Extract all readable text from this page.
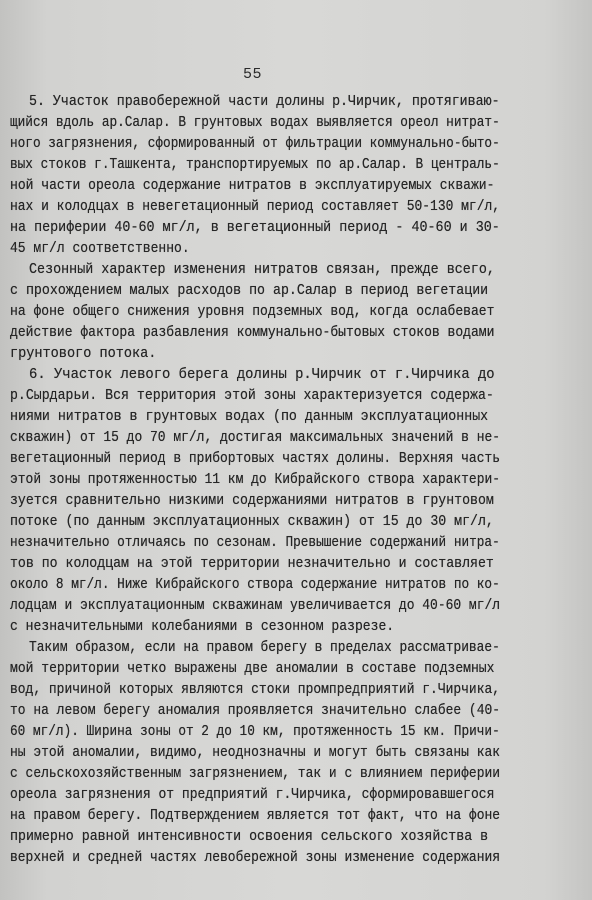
55
5. Участок правобережной части долины р.Чирчик, протягиваю-
щийся вдоль ар.Салар. В грунтовых водах выявляется ореол нитрат-
ного загрязнения, сформированный от фильтрации коммунально-быто-
вых стоков г.Ташкента, транспортируемых по ар.Салар. В централь-
ной части ореола содержание нитратов в эксплуатируемых скважи-
нах и колодцах в невегетационный период составляет 50-130 мг/л,
на периферии 40-60 мг/л, в вегетационный период - 40-60 и 30-
45 мг/л соответственно.
Сезонный характер изменения нитратов связан, прежде всего,
с прохождением малых расходов по ар.Салар в период вегетации
на фоне общего снижения уровня подземных вод, когда ослабевает
действие фактора разбавления коммунально-бытовых стоков водами
грунтового потока.
6. Участок левого берега долины р.Чирчик от г.Чирчика до
р.Сырдарьи. Вся территория этой зоны характеризуется содержа-
ниями нитратов в грунтовых водах (по данным эксплуатационных
скважин) от 15 до 70 мг/л, достигая максимальных значений в не-
вегетационный период в прибортовых частях долины. Верхняя часть
этой зоны протяженностью 11 км до Кибрайского створа характери-
зуется сравнительно низкими содержаниями нитратов в грунтовом
потоке (по данным эксплуатационных скважин) от 15 до 30 мг/л,
незначительно отличаясь по сезонам. Превышение содержаний нитра-
тов по колодцам на этой территории незначительно и составляет
около 8 мг/л. Ниже Кибрайского створа содержание нитратов по ко-
лодцам и эксплуатационным скважинам увеличивается до 40-60 мг/л
с незначительными колебаниями в сезонном разрезе.
Таким образом, если на правом берегу в пределах рассматривае-
мой территории четко выражены две аномалии в составе подземных
вод, причиной которых являются стоки промпредприятий г.Чирчика,
то на левом берегу аномалия проявляется значительно слабее (40-
60 мг/л). Ширина зоны от 2 до 10 км, протяженность 15 км. Причи-
ны этой аномалии, видимо, неоднозначны и могут быть связаны как
с сельскохозяйственным загрязнением, так и с влиянием периферии
ореола загрязнения от предприятий г.Чирчика, сформировавшегося
на правом берегу. Подтверждением является тот факт, что на фоне
примерно равной интенсивности освоения сельского хозяйства в
верхней и средней частях левобережной зоны изменение содержания
